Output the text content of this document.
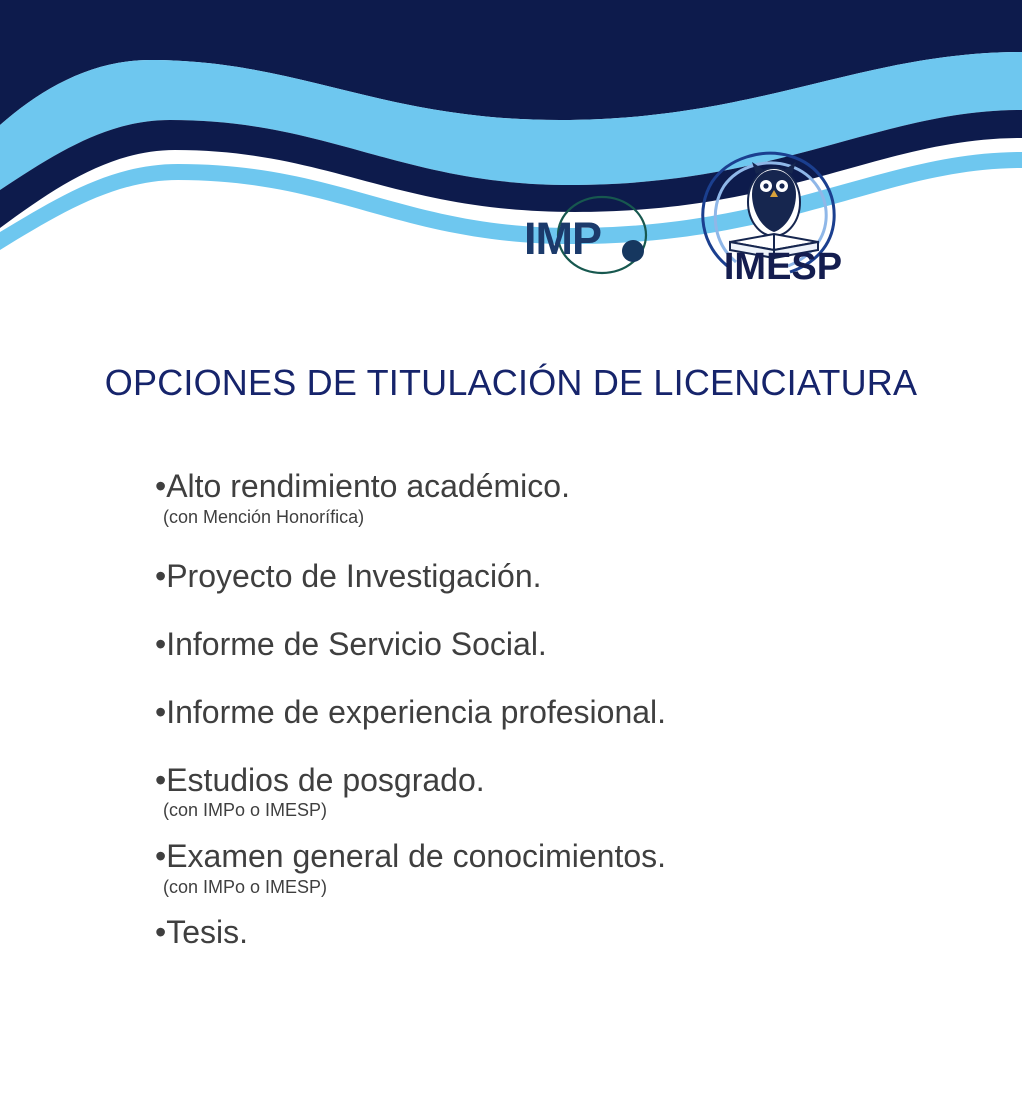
IMP
IMESP
OPCIONES DE TITULACIÓN DE LICENCIATURA
•Alto rendimiento académico.
(con Mención Honorífica)
•Proyecto de Investigación.
•Informe de Servicio Social.
•Informe de experiencia profesional.
•Estudios de posgrado.
(con IMPo o IMESP)
•Examen general de conocimientos.
(con IMPo o IMESP)
•Tesis.
